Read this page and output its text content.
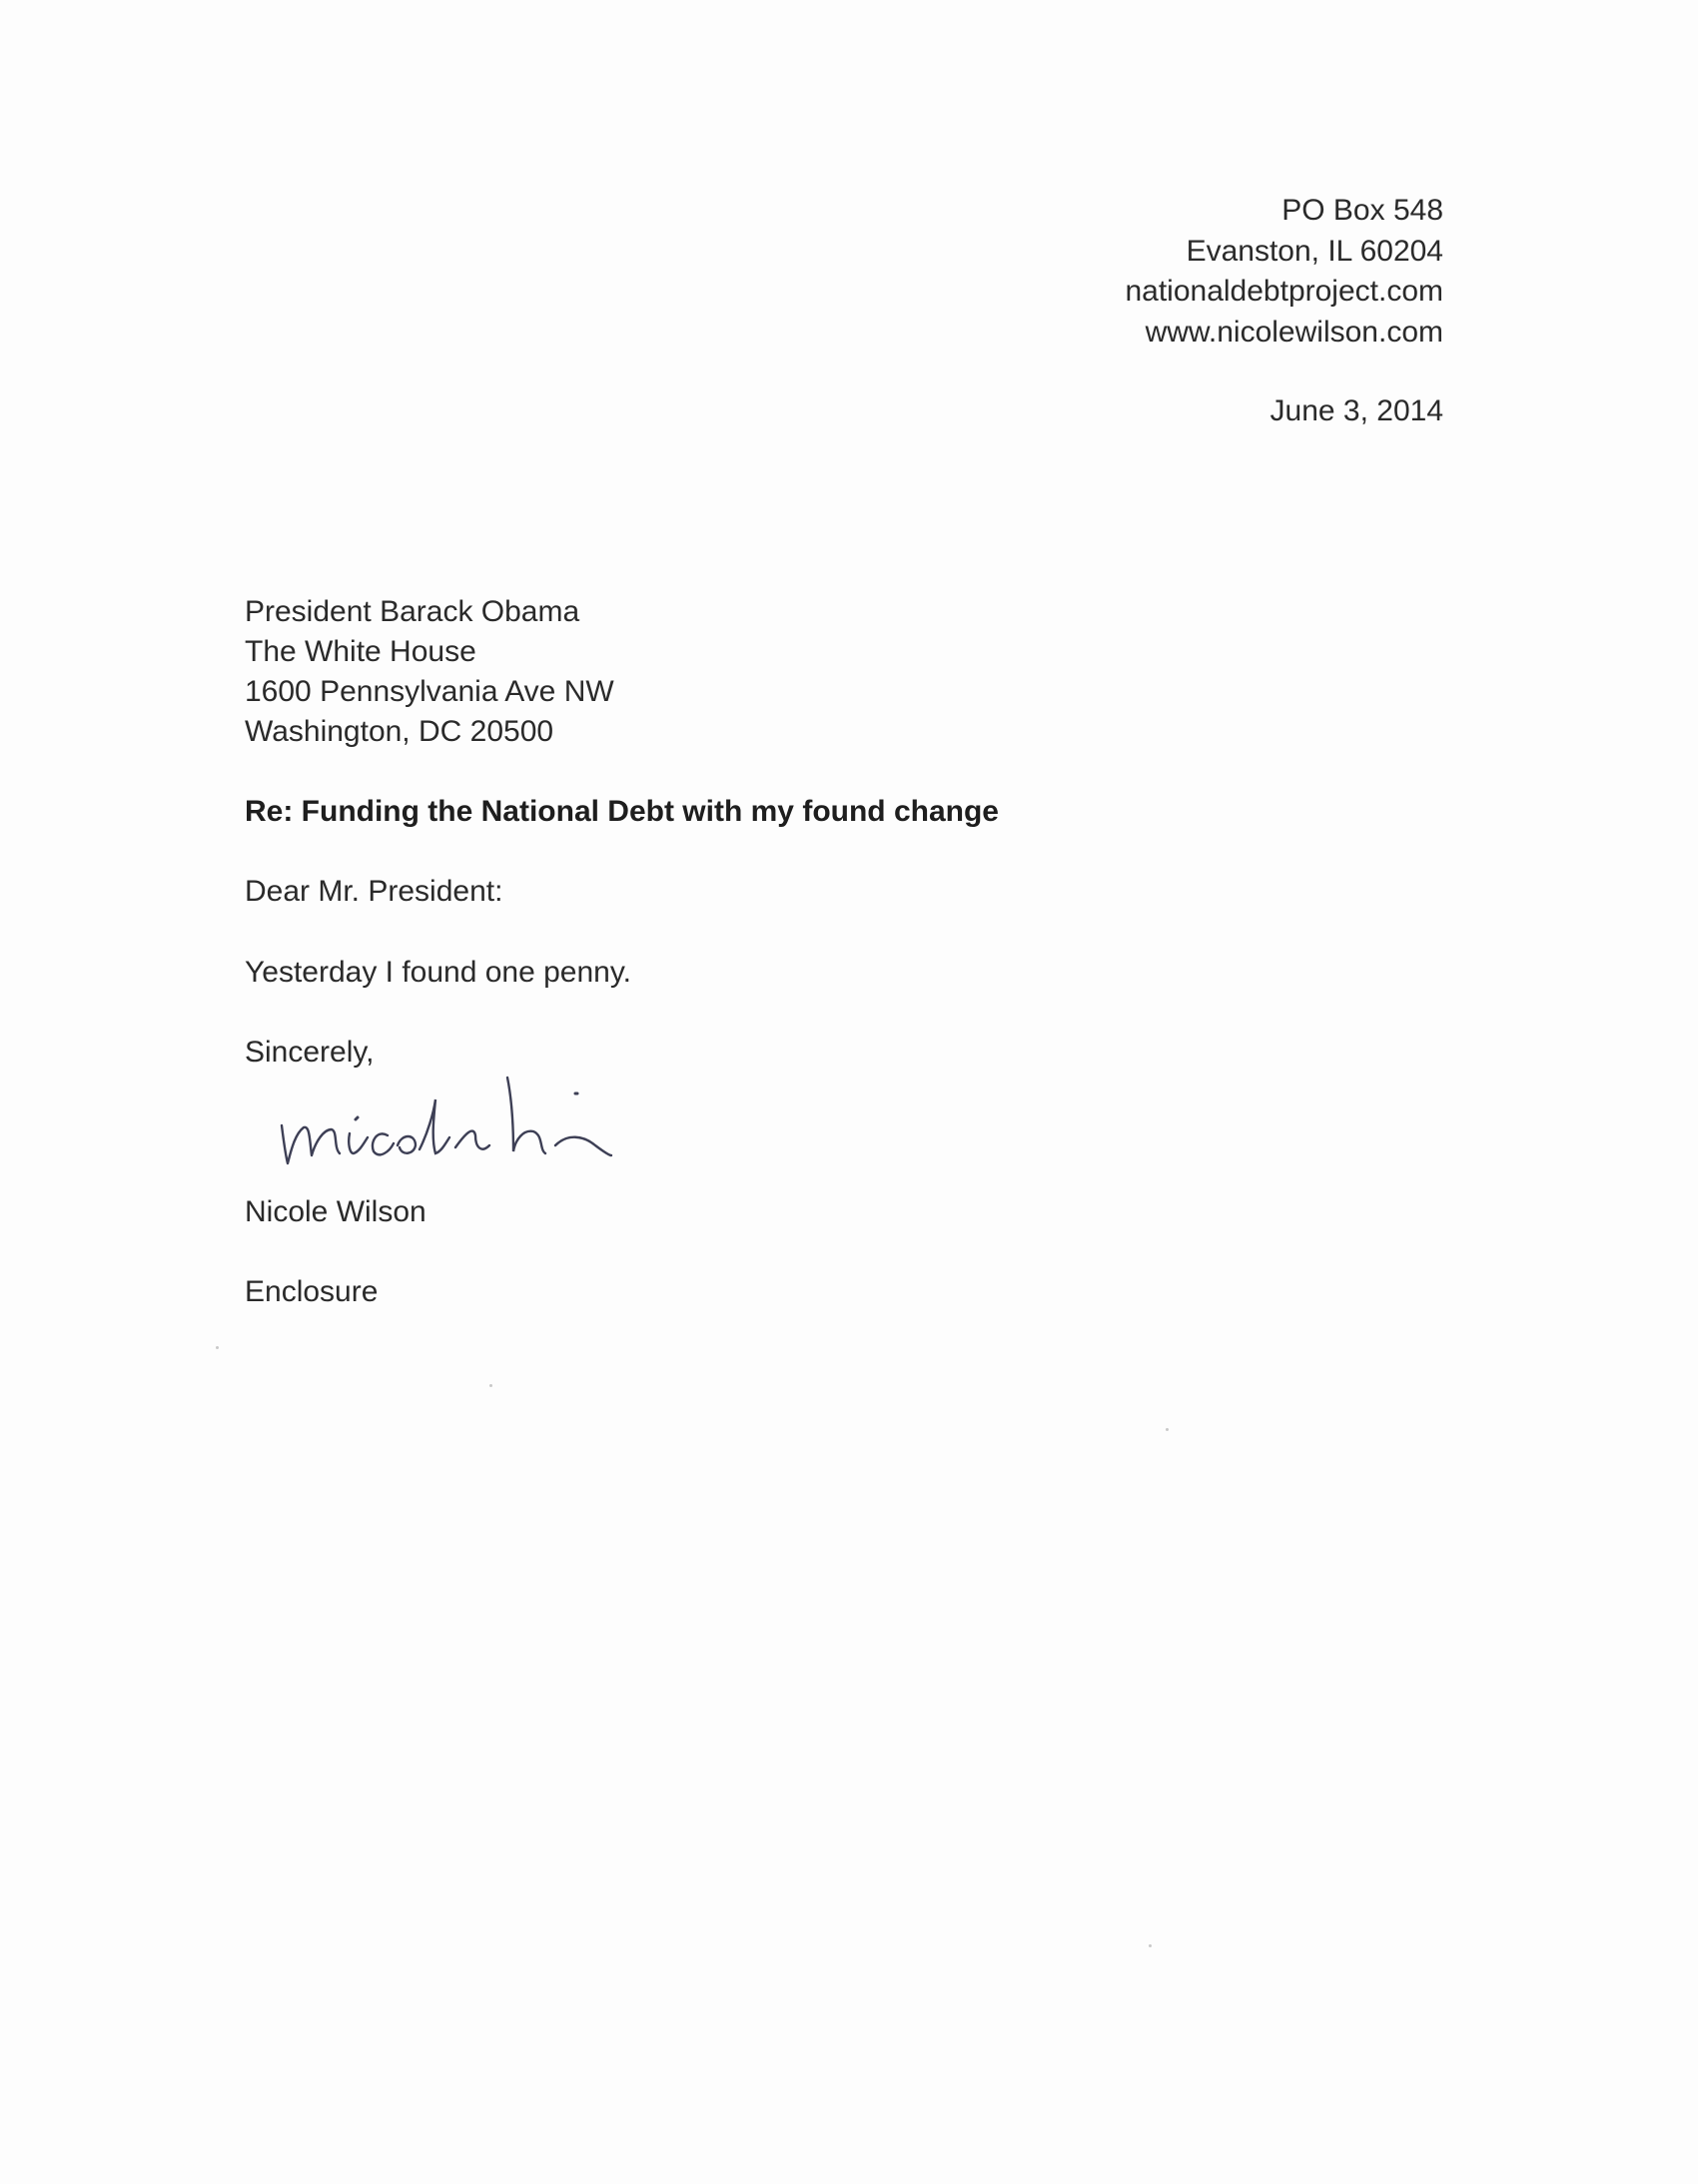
PO Box 548
Evanston, IL 60204
nationaldebtproject.com
www.nicolewilson.com
June 3, 2014
President Barack Obama
The White House
1600 Pennsylvania Ave NW
Washington, DC 20500
Re: Funding the National Debt with my found change
Dear Mr. President:
Yesterday I found one penny.
Sincerely,
Nicole Wilson
Enclosure
